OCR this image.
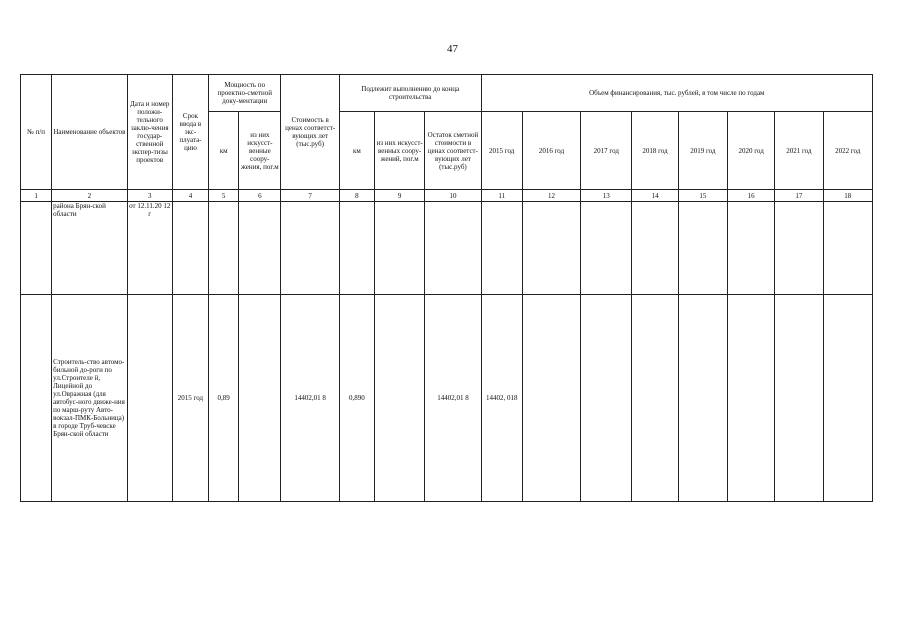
47
№ п/п	Наименование объектов	Дата и номер положи-тельного заклю-чения государ-ственной экспер-тизы проектов	Срок ввода в экс-плуата-цию	Мощность по проектно-сметной доку-ментации		Стоимость в ценах соответст-вующих лет (тыс.руб)	Подлежит выполнению до конца строительства			Объем финансирования, тыс. рублей, в том числе по годам							
				км	из них искусст-венные соору-жения, пог.м		км	из них искусст-венных соору-жений, пог.м	Остаток сметной стоимости в ценах соответст-вующих лет (тыс.руб)	2015 год	2016 год	2017 год	2018 год	2019 год	2020 год	2021 год	2022 год
1	2	3	4	5	6	7	8	9	10	11	12	13	14	15	16	17	18
	района Брян-ской области	от 12.11.20 12 г															
	Строитель-ство автомо-бильной до-роги по ул.Строителе й, Лицейной до ул.Овражная (для автобус-ного движе-ния по марш-руту Авто-вокзал-ПМК-Больница) в городе Труб-чевске Брян-ской области		2015 год	0,89		14402,01 8	0,890		14402,01 8	14402, 018							
